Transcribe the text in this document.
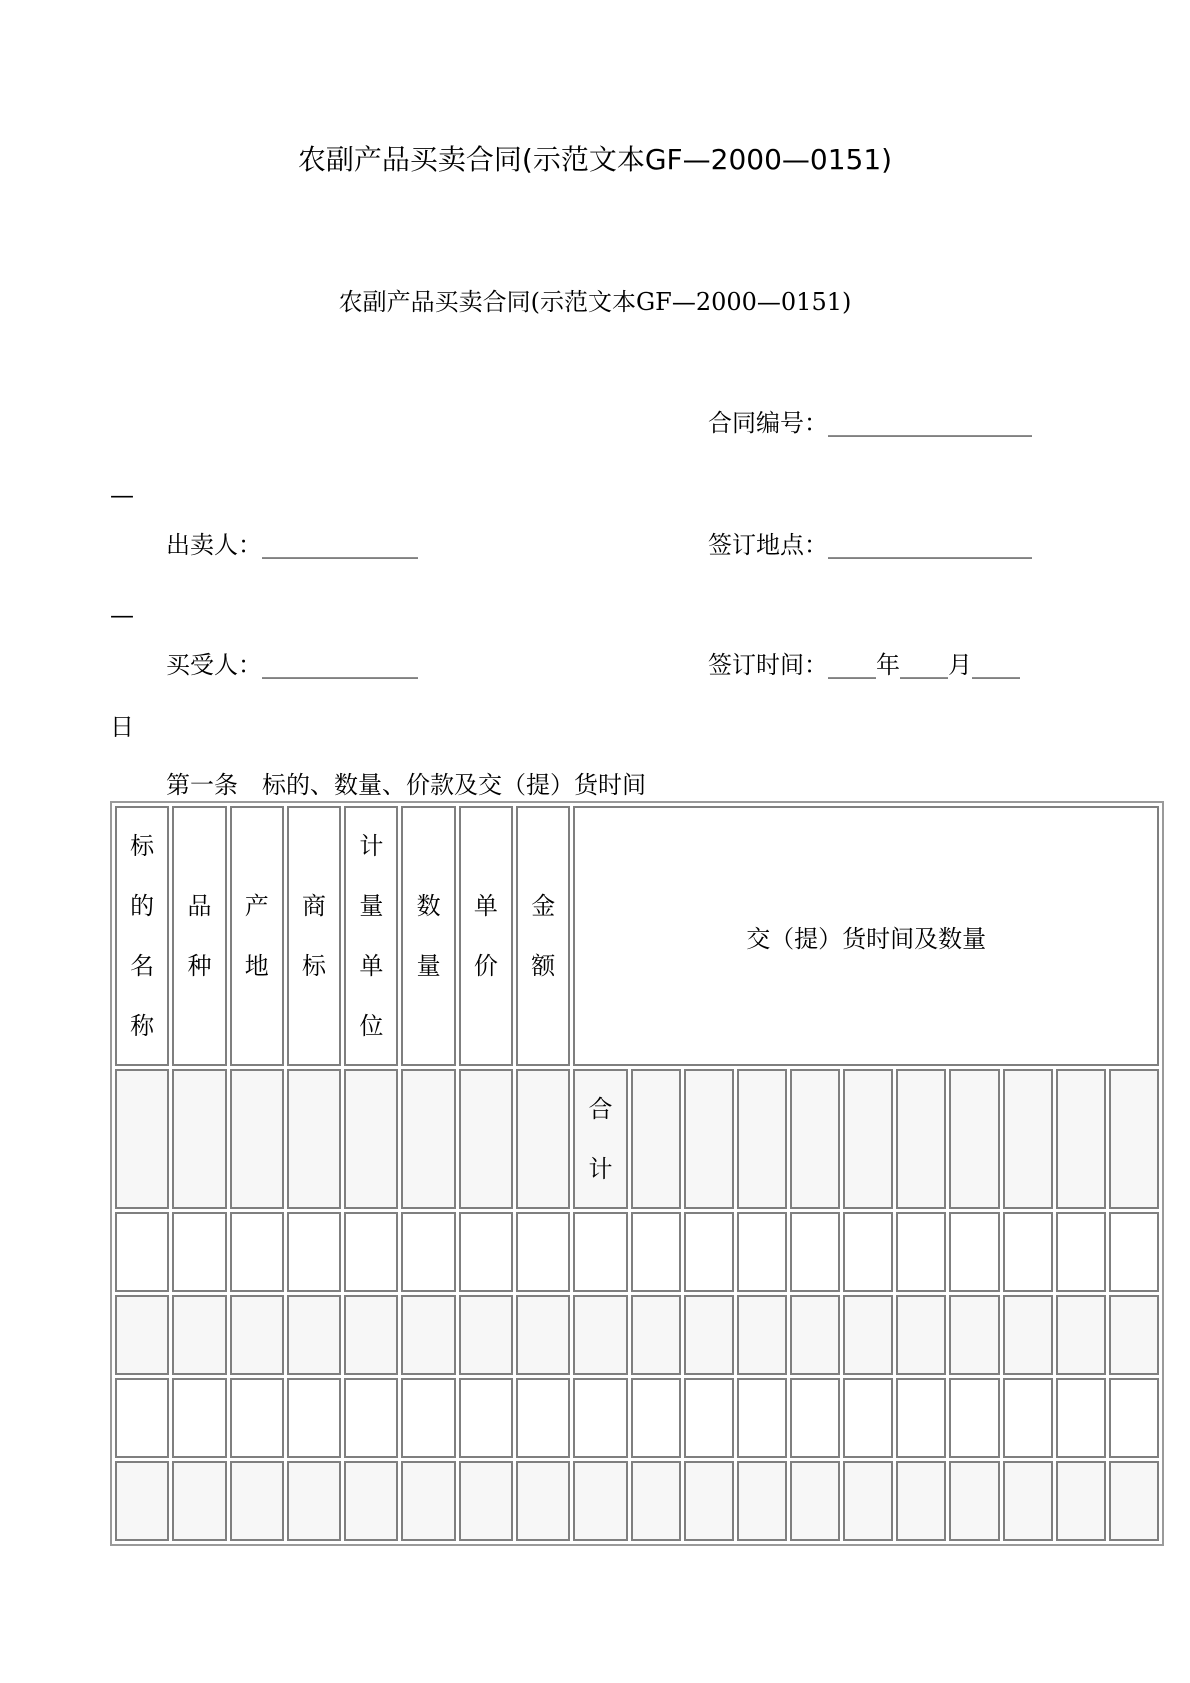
农副产品买卖合同(示范文本GF—2000—0151)
农副产品买卖合同(示范文本GF—2000—0151)
合同编号：_________________
—
出卖人：_____________	签订地点：_________________
—
买受人：_____________	签订时间：____年____月____
日
第一条　标的、数量、价款及交（提）货时间
标的名称	品种	产地	商标	计量单位	数量	单价	金额	交（提）货时间及数量										

								合计										
